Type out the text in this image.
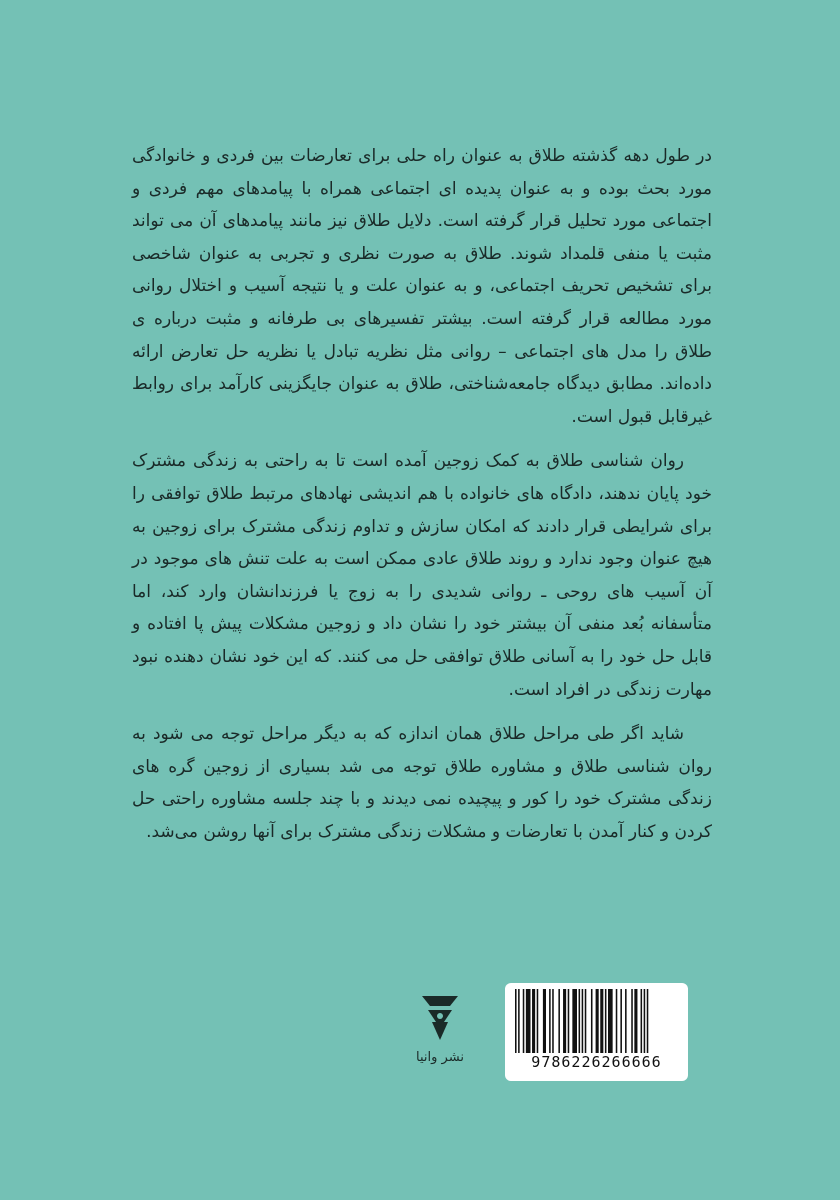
در طول دهه گذشته طلاق به عنوان راه حلی برای تعارضات بین فردی و خانوادگی مورد بحث بوده و به عنوان پدیده ای اجتماعی همراه با پیامدهای مهم فردی و اجتماعی مورد تحلیل قرار گرفته است. دلایل طلاق نیز مانند پیامدهای آن می تواند مثبت یا منفی قلمداد شوند. طلاق به صورت نظری و تجربی به عنوان شاخصی برای تشخیص تحریف اجتماعی، و به عنوان علت و یا نتیجه آسیب و اختلال روانی مورد مطالعه قرار گرفته است. بیشتر تفسیرهای بی طرفانه و مثبت درباره ی طلاق را مدل های اجتماعی – روانی مثل نظریه تبادل یا نظریه حل تعارض ارائه داده‌اند. مطابق دیدگاه جامعه‌شناختی، طلاق به عنوان جایگزینی کارآمد برای روابط غیرقابل قبول است.

روان شناسی طلاق به کمک زوجین آمده است تا به راحتی به زندگی مشترک خود پایان ندهند، دادگاه های خانواده با هم اندیشی نهادهای مرتبط طلاق توافقی را برای شرایطی قرار دادند که امکان سازش و تداوم زندگی مشترک برای زوجین به هیچ عنوان وجود ندارد و روند طلاق عادی ممکن است به علت تنش های موجود در آن آسیب های روحی ـ روانی شدیدی را به زوج یا فرزندانشان وارد کند، اما متأسفانه بُعد منفی آن بیشتر خود را نشان داد و زوجین مشکلات پیش پا افتاده و قابل حل خود را به آسانی طلاق توافقی حل می کنند. که این خود نشان دهنده نبود مهارت زندگی در افراد است.

شاید اگر طی مراحل طلاق همان اندازه که به دیگر مراحل توجه می شود به روان شناسی طلاق و مشاوره طلاق توجه می شد بسیاری از زوجین گره های زندگی مشترک خود را کور و پیچیده نمی دیدند و با چند جلسه مشاوره راحتی حل کردن و کنار آمدن با تعارضات و مشکلات زندگی مشترک برای آنها روشن می‌شد.

نشر وانیا	9786226266666
